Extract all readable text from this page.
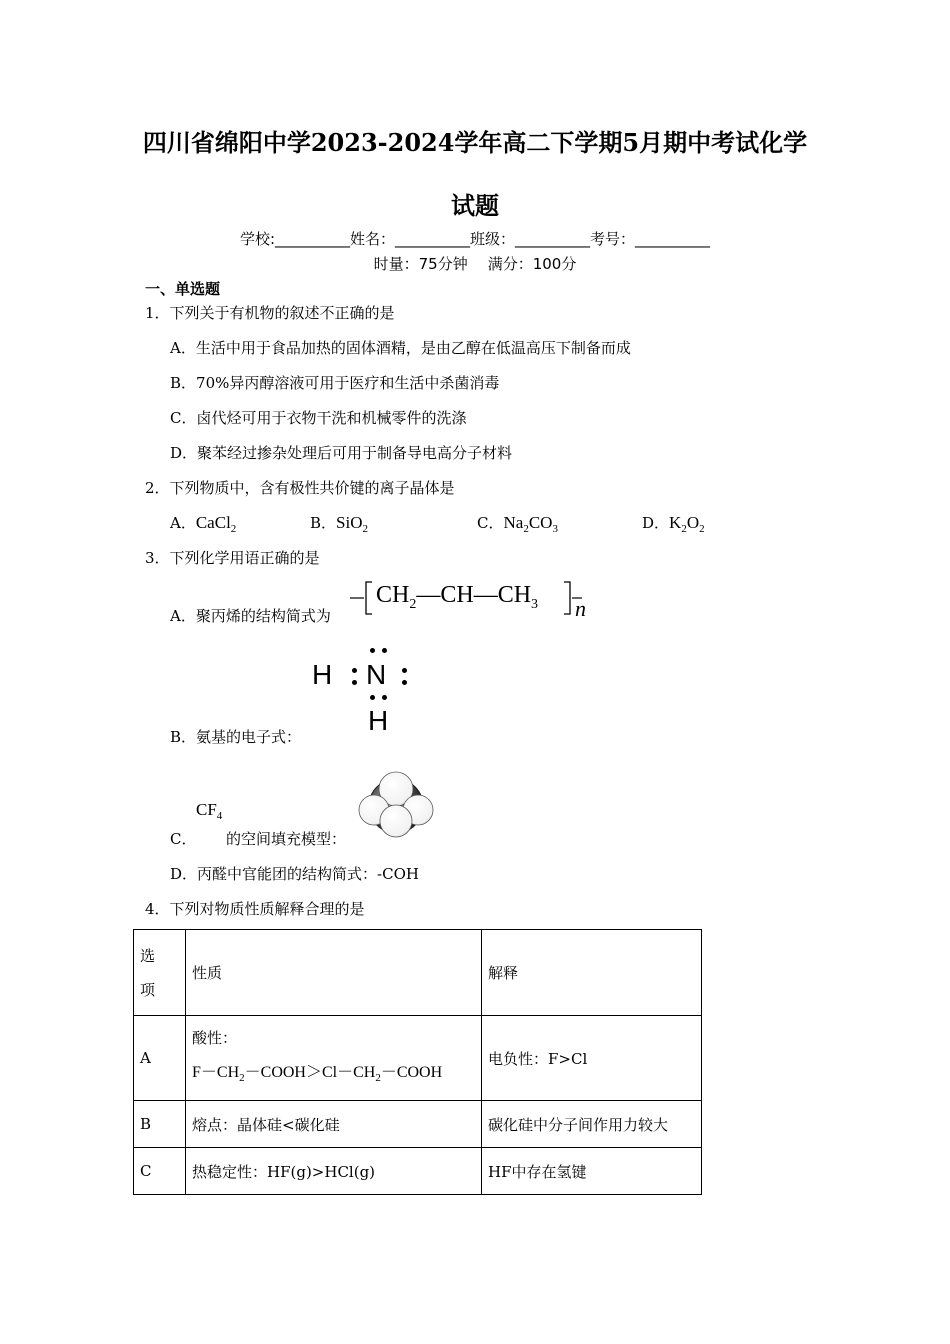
四川省绵阳中学2023-2024学年高二下学期5月期中考试化学
试题
学校:__________姓名：__________班级：__________考号：__________
时量：75分钟 满分：100分
一、单选题
1．下列关于有机物的叙述不正确的是
A．生活中用于食品加热的固体酒精，是由乙醇在低温高压下制备而成
B．70%异丙醇溶液可用于医疗和生活中杀菌消毒
C．卤代烃可用于衣物干洗和机械零件的洗涤
D．聚苯经过掺杂处理后可用于制备导电高分子材料
2．下列物质中，含有极性共价键的离子晶体是
A．CaCl$_2$	B．SiO$_2$	C．$Na_2CO_3$	D．$K_2O_2$
3．下列化学用语正确的是
A．聚丙烯的结构简式为
$CH_2—CH—CH_3$ n
H N
H
B．氨基的电子式：
$CF_4$
C． 的空间填充模型：
D．丙醛中官能团的结构简式：-COH
4．下列对物质性质解释合理的是
选
项	性质	解释
A	酸性：
$F-CH_2-COOH>Cl-CH_2-COOH$	电负性：F>Cl
B	熔点：晶体硅<碳化硅	碳化硅中分子间作用力较大
C	热稳定性：HF(g)>HCl(g)	HF中存在氢键
